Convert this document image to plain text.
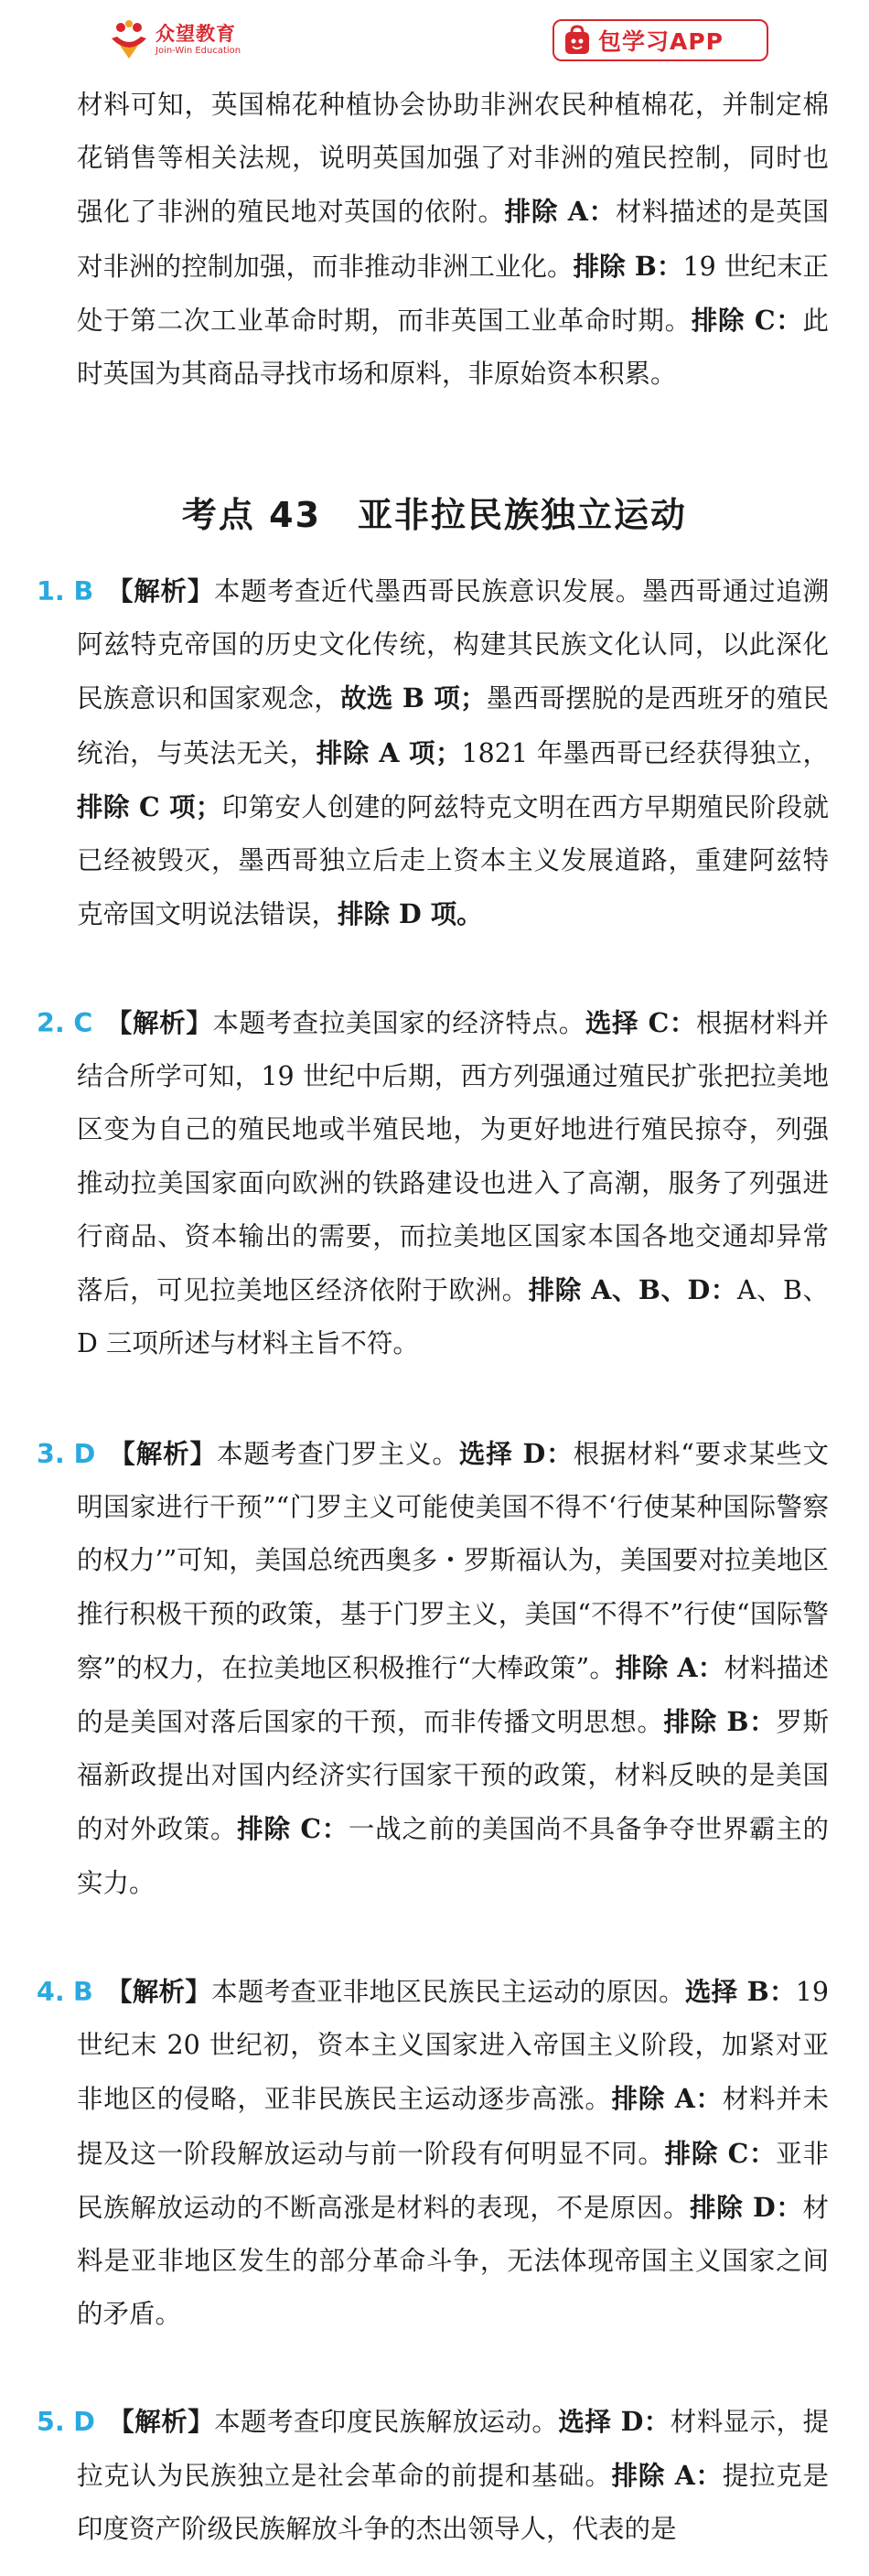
众望教育
Join-Win Education	包学习APP

材料可知，英国棉花种植协会协助非洲农民种植棉花，并制定棉花销售等相关法规，说明英国加强了对非洲的殖民控制，同时也强化了非洲的殖民地对英国的依附。排除 A：材料描述的是英国对非洲的控制加强，而非推动非洲工业化。排除 B：19 世纪末正处于第二次工业革命时期，而非英国工业革命时期。排除 C：此时英国为其商品寻找市场和原料，非原始资本积累。

考点 43 亚非拉民族独立运动

1. B 【解析】本题考查近代墨西哥民族意识发展。墨西哥通过追溯阿兹特克帝国的历史文化传统，构建其民族文化认同，以此深化民族意识和国家观念，故选 B 项；墨西哥摆脱的是西班牙的殖民统治，与英法无关，排除 A 项；1821 年墨西哥已经获得独立，排除 C 项；印第安人创建的阿兹特克文明在西方早期殖民阶段就已经被毁灭，墨西哥独立后走上资本主义发展道路，重建阿兹特克帝国文明说法错误，排除 D 项。

2. C 【解析】本题考查拉美国家的经济特点。选择 C：根据材料并结合所学可知，19 世纪中后期，西方列强通过殖民扩张把拉美地区变为自己的殖民地或半殖民地，为更好地进行殖民掠夺，列强推动拉美国家面向欧洲的铁路建设也进入了高潮，服务了列强进行商品、资本输出的需要，而拉美地区国家本国各地交通却异常落后，可见拉美地区经济依附于欧洲。排除 A、B、D：A、B、D 三项所述与材料主旨不符。

3. D 【解析】本题考查门罗主义。选择 D：根据材料“要求某些文明国家进行干预”“门罗主义可能使美国不得不‘行使某种国际警察的权力’”可知，美国总统西奥多・罗斯福认为，美国要对拉美地区推行积极干预的政策，基于门罗主义，美国“不得不”行使“国际警察”的权力，在拉美地区积极推行“大棒政策”。排除 A：材料描述的是美国对落后国家的干预，而非传播文明思想。排除 B：罗斯福新政提出对国内经济实行国家干预的政策，材料反映的是美国的对外政策。排除 C：一战之前的美国尚不具备争夺世界霸主的实力。

4. B 【解析】本题考查亚非地区民族民主运动的原因。选择 B：19 世纪末 20 世纪初，资本主义国家进入帝国主义阶段，加紧对亚非地区的侵略，亚非民族民主运动逐步高涨。排除 A：材料并未提及这一阶段解放运动与前一阶段有何明显不同。排除 C：亚非民族解放运动的不断高涨是材料的表现，不是原因。排除 D：材料是亚非地区发生的部分革命斗争，无法体现帝国主义国家之间的矛盾。

5. D 【解析】本题考查印度民族解放运动。选择 D：材料显示，提拉克认为民族独立是社会革命的前提和基础。排除 A：提拉克是印度资产阶级民族解放斗争的杰出领导人，代表的是
